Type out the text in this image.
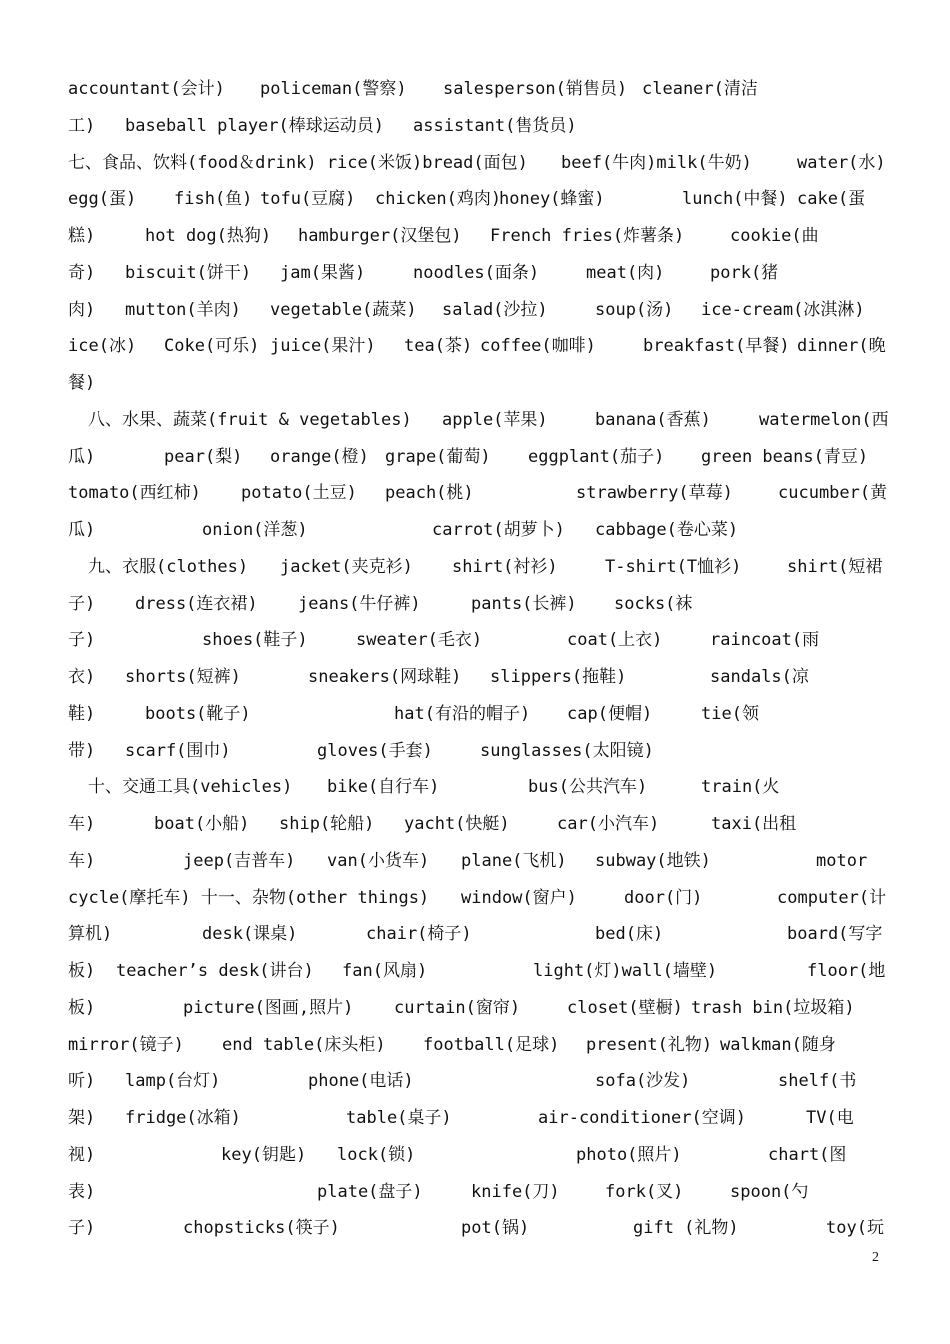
accountant(会计) policeman(警察) salesperson(销售员) cleaner(清洁
工) baseball player(棒球运动员) assistant(售货员)
七、食品、饮料(food＆drink) rice(米饭)bread(面包) beef(牛肉)milk(牛奶)	water(水)
egg(蛋) fish(鱼) tofu(豆腐) chicken(鸡肉)
honey(蜂蜜)	lunch(中餐) cake(蛋
糕)	hot dog(热狗) hamburger(汉堡包) French fries(炸薯条)	cookie(曲
奇) biscuit(饼干) jam(果酱)	noodles(面条)	meat(肉)	pork(猪
肉) mutton(羊肉) vegetable(蔬菜) salad(沙拉)	soup(汤) ice-cream(冰淇淋)
ice(冰) Coke(可乐) juice(果汁) tea(茶) coffee(咖啡)	breakfast(早餐) dinner(晚
餐)
八、水果、蔬菜(fruit & vegetables) apple(苹果)	banana(香蕉)	watermelon(西
瓜)	pear(梨) orange(橙) grape(葡萄) eggplant(茄子) green beans(青豆)
tomato(西红柿) potato(土豆) peach(桃)	strawberry(草莓)	cucumber(黄
瓜)	onion(洋葱)	carrot(胡萝卜) cabbage(卷心菜)
九、衣服(clothes) jacket(夹克衫) shirt(衬衫)	T-shirt(T恤衫)	shirt(短裙
子) dress(连衣裙) jeans(牛仔裤)	pants(长裤) socks(袜
子)	shoes(鞋子)	sweater(毛衣)	coat(上衣)	raincoat(雨
衣) shorts(短裤)	sneakers(网球鞋) slippers(拖鞋)	sandals(凉
鞋)	boots(靴子)	hat(有沿的帽子) cap(便帽)	tie(领
带) scarf(围巾)	gloves(手套)	sunglasses(太阳镜)
十、交通工具(vehicles) bike(自行车)	bus(公共汽车)	train(火
车)	boat(小船) ship(轮船) yacht(快艇)	car(小汽车)	taxi(出租
车)	jeep(吉普车) van(小货车) plane(飞机) subway(地铁)	motor
cycle(摩托车) 十一、杂物(other things) window(窗户)	door(门)	computer(计
算机)	desk(课桌)	chair(椅子)	bed(床)	board(写字
板) teacher’s desk(讲台) fan(风扇)	light(灯)wall(墙壁)	floor(地
板)	picture(图画,照片) curtain(窗帘)	closet(壁橱) trash bin(垃圾箱)
mirror(镜子) end table(床头柜) football(足球) present(礼物) walkman(随身
听) lamp(台灯)	phone(电话)	sofa(沙发)	shelf(书
架) fridge(冰箱)	table(桌子)	air-conditioner(空调)	TV(电
视)	key(钥匙) lock(锁)	photo(照片)	chart(图
表)	plate(盘子)	knife(刀)	fork(叉)	spoon(勺
子)	chopsticks(筷子)	pot(锅)	gift (礼物)	toy(玩
2
